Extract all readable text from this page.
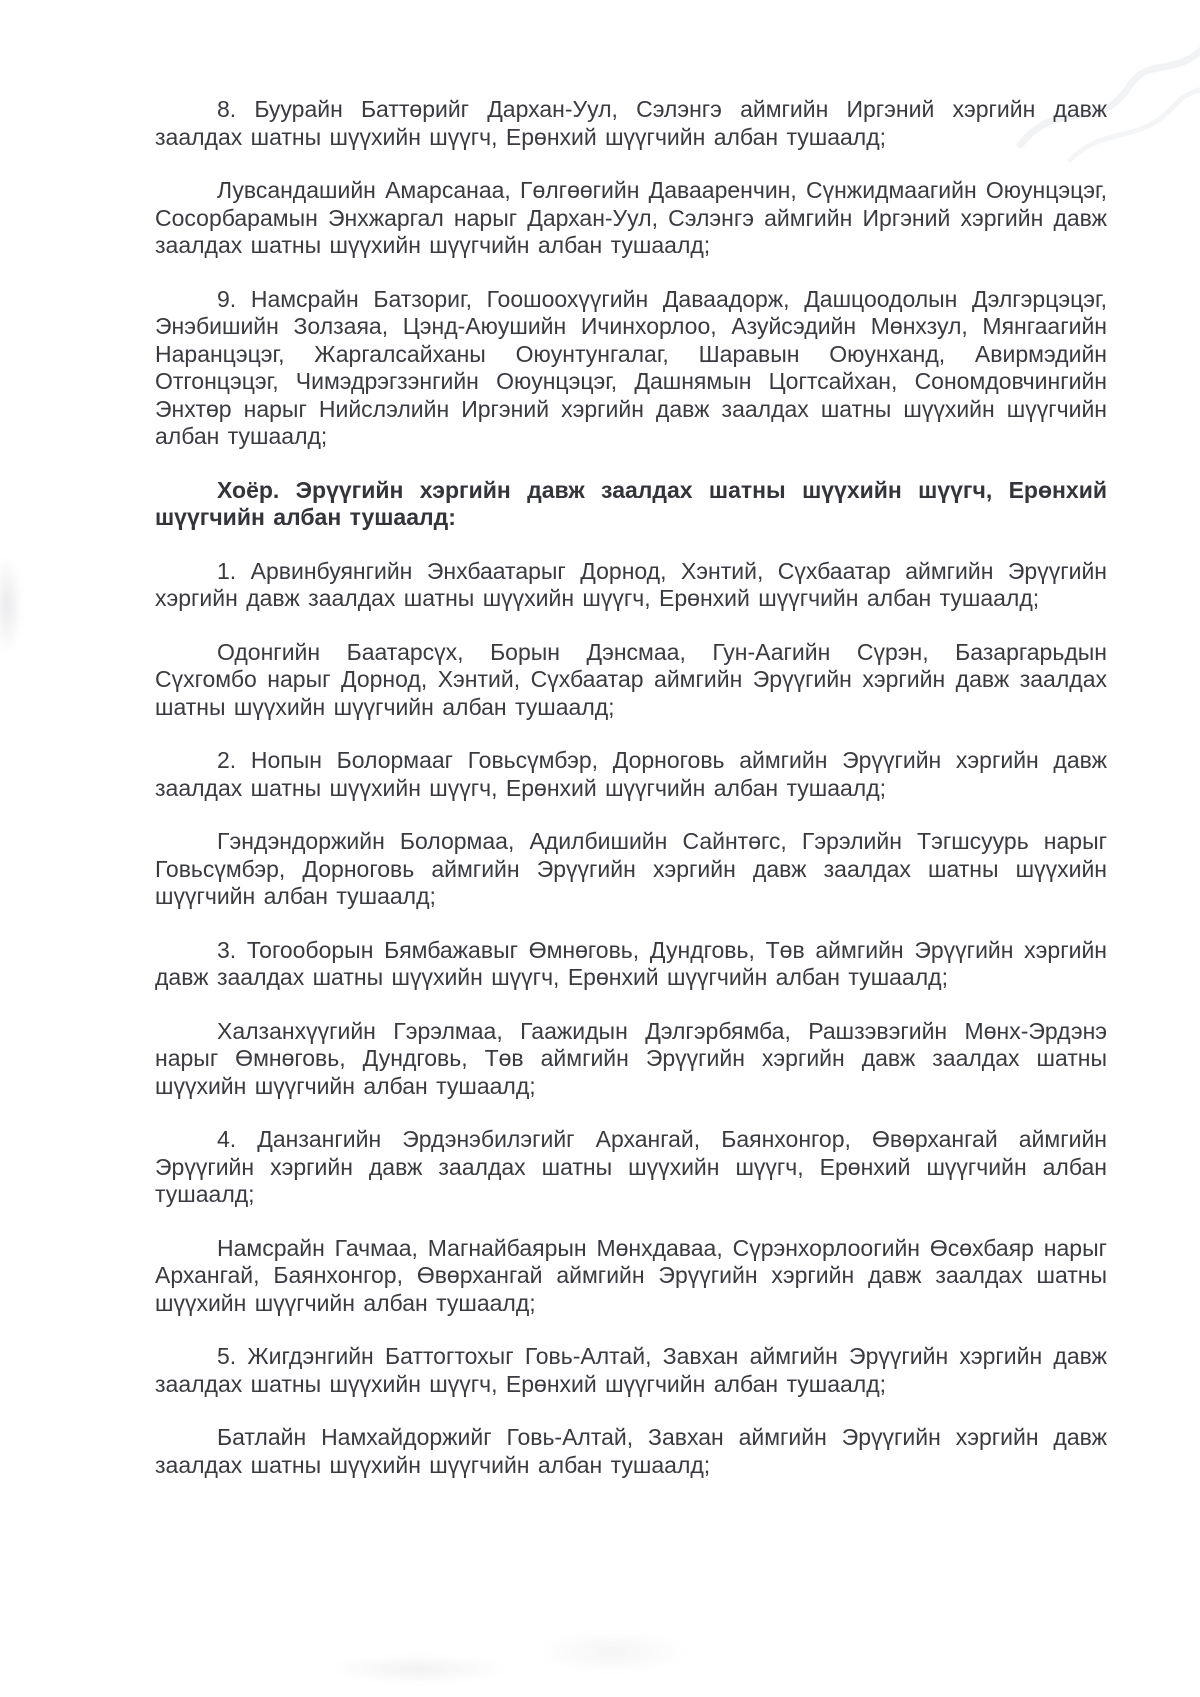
8. Буурайн Баттөрийг Дархан-Уул, Сэлэнгэ аймгийн Иргэний хэргийн давж заалдах шатны шүүхийн шүүгч, Ерөнхий шүүгчийн албан тушаалд;

Лувсандашийн Амарсанаа, Гөлгөөгийн Давааренчин, Сүнжидмаагийн Оюунцэцэг, Сосорбарамын Энхжаргал нарыг Дархан-Уул, Сэлэнгэ аймгийн Иргэний хэргийн давж заалдах шатны шүүхийн шүүгчийн албан тушаалд;

9. Намсрайн Батзориг, Гоошоохүүгийн Даваадорж, Дашцоодолын Дэлгэрцэцэг, Энэбишийн Золзаяа, Цэнд-Аюушийн Ичинхорлоо, Азуйсэдийн Мөнхзул, Мянгаагийн Наранцэцэг, Жаргалсайханы Оюунтунгалаг, Шаравын Оюунханд, Авирмэдийн Отгонцэцэг, Чимэдрэгзэнгийн Оюунцэцэг, Дашнямын Цогтсайхан, Сономдовчингийн Энхтөр нарыг Нийслэлийн Иргэний хэргийн давж заалдах шатны шүүхийн шүүгчийн албан тушаалд;

Хоёр. Эрүүгийн хэргийн давж заалдах шатны шүүхийн шүүгч, Ерөнхий шүүгчийн албан тушаалд:

1. Арвинбуянгийн Энхбаатарыг Дорнод, Хэнтий, Сүхбаатар аймгийн Эрүүгийн хэргийн давж заалдах шатны шүүхийн шүүгч, Ерөнхий шүүгчийн албан тушаалд;

Одонгийн Баатарсүх, Борын Дэнсмаа, Гун-Аагийн Сүрэн, Базаргарьдын Сүхгомбо нарыг Дорнод, Хэнтий, Сүхбаатар аймгийн Эрүүгийн хэргийн давж заалдах шатны шүүхийн шүүгчийн албан тушаалд;

2. Нопын Болормааг Говьсүмбэр, Дорноговь аймгийн Эрүүгийн хэргийн давж заалдах шатны шүүхийн шүүгч, Ерөнхий шүүгчийн албан тушаалд;

Гэндэндоржийн Болормаа, Адилбишийн Сайнтөгс, Гэрэлийн Тэгшсуурь нарыг Говьсүмбэр, Дорноговь аймгийн Эрүүгийн хэргийн давж заалдах шатны шүүхийн шүүгчийн албан тушаалд;

3. Тогооборын Бямбажавыг Өмнөговь, Дундговь, Төв аймгийн Эрүүгийн хэргийн давж заалдах шатны шүүхийн шүүгч, Ерөнхий шүүгчийн албан тушаалд;

Халзанхүүгийн Гэрэлмаа, Гаажидын Дэлгэрбямба, Рашзэвэгийн Мөнх-Эрдэнэ нарыг Өмнөговь, Дундговь, Төв аймгийн Эрүүгийн хэргийн давж заалдах шатны шүүхийн шүүгчийн албан тушаалд;

4. Данзангийн Эрдэнэбилэгийг Архангай, Баянхонгор, Өвөрхангай аймгийн Эрүүгийн хэргийн давж заалдах шатны шүүхийн шүүгч, Ерөнхий шүүгчийн албан тушаалд;

Намсрайн Гачмаа, Магнайбаярын Мөнхдаваа, Сүрэнхорлоогийн Өсөхбаяр нарыг Архангай, Баянхонгор, Өвөрхангай аймгийн Эрүүгийн хэргийн давж заалдах шатны шүүхийн шүүгчийн албан тушаалд;

5. Жигдэнгийн Баттогтохыг Говь-Алтай, Завхан аймгийн Эрүүгийн хэргийн давж заалдах шатны шүүхийн шүүгч, Ерөнхий шүүгчийн албан тушаалд;

Батлайн Намхайдоржийг Говь-Алтай, Завхан аймгийн Эрүүгийн хэргийн давж заалдах шатны шүүхийн шүүгчийн албан тушаалд;
